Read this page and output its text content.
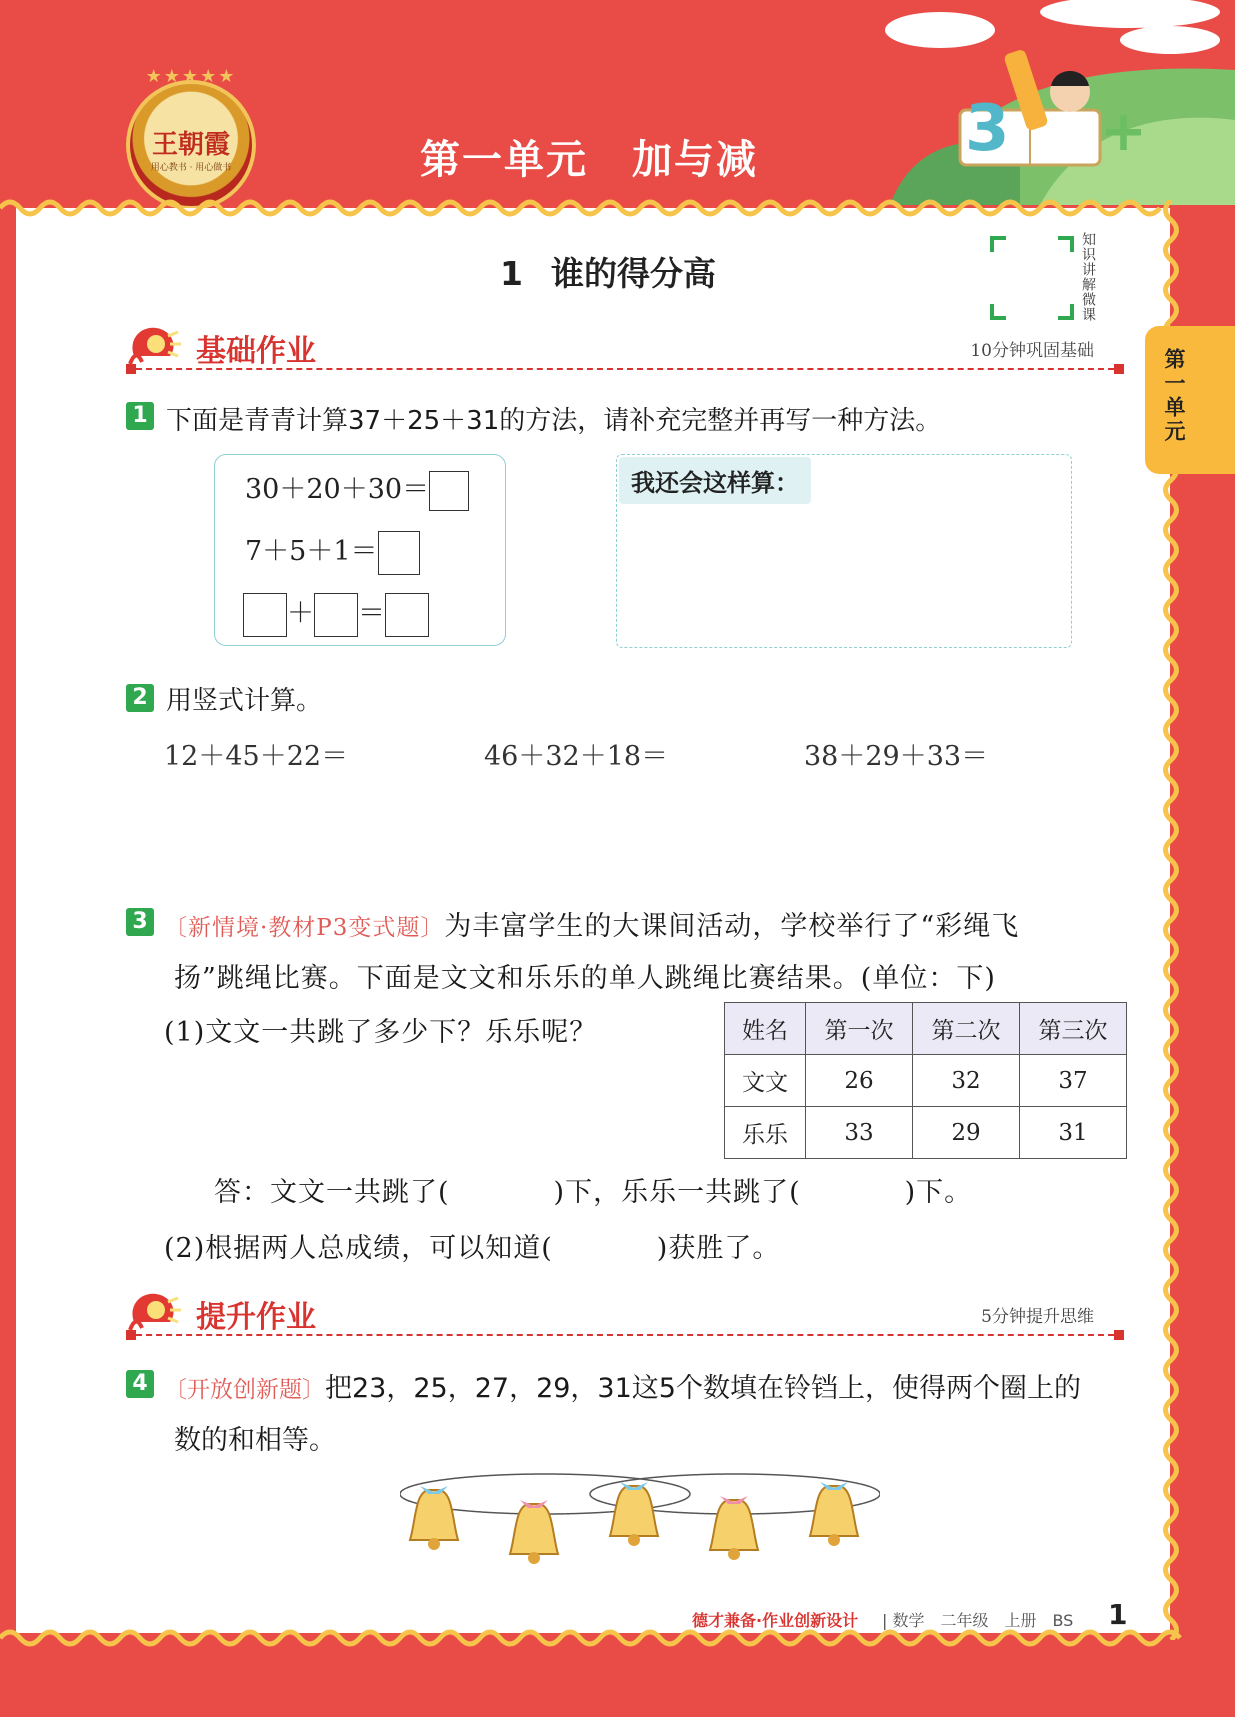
3 +
★★★★★
王朝霞
用心教书 · 用心做书	第一单元 加与减
第一单元
1 谁的得分高	知识讲解微课
基础作业	10分钟巩固基础
1 下面是青青计算37＋25＋31的方法，请补充完整并再写一种方法。
30＋20＋30＝
7＋5＋1＝
＋ ＝
我还会这样算：
2 用竖式计算。
12＋45＋22＝	46＋32＋18＝	38＋29＋33＝
3 〔新情境·教材P3变式题〕为丰富学生的大课间活动，学校举行了“彩绳飞
扬”跳绳比赛。下面是文文和乐乐的单人跳绳比赛结果。(单位：下)
(1)文文一共跳了多少下？乐乐呢？	姓名	第一次	第二次	第三次
文文	26	32	37
乐乐	33	29	31
答：文文一共跳了(	)下，乐乐一共跳了(	)下。
(2)根据两人总成绩，可以知道(	)获胜了。
提升作业	5分钟提升思维
4 〔开放创新题〕把23，25，27，29，31这5个数填在铃铛上，使得两个圈上的
数的和相等。
德才兼备·作业创新设计 | 数学　二年级　上册　BS 1
